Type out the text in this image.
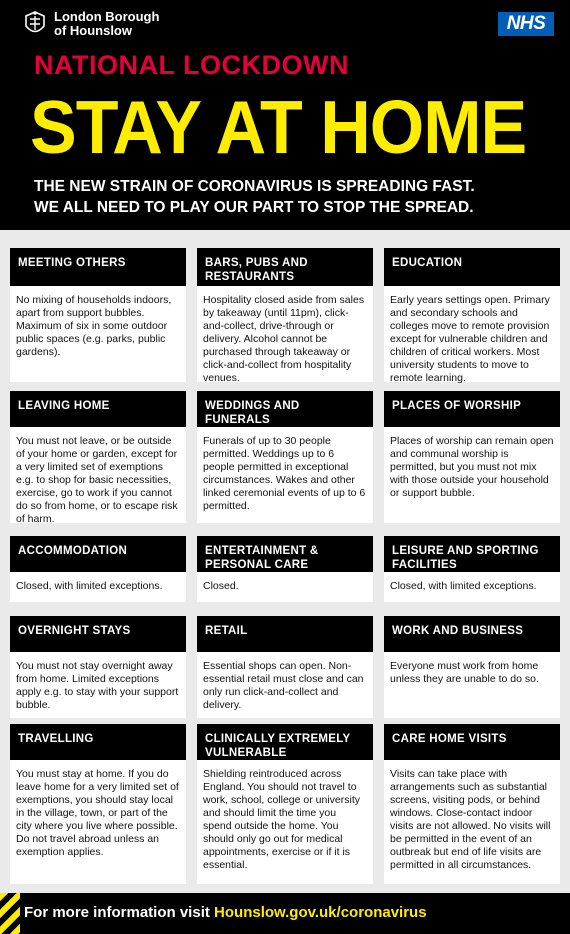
London Borough
of Hounslow	NHS
NATIONAL LOCKDOWN
STAY AT HOME
THE NEW STRAIN OF CORONAVIRUS IS SPREADING FAST.
WE ALL NEED TO PLAY OUR PART TO STOP THE SPREAD.
MEETING OTHERS
No mixing of households indoors, apart from support bubbles. Maximum of six in some outdoor public spaces (e.g. parks, public gardens).
BARS, PUBS AND RESTAURANTS
Hospitality closed aside from sales by takeaway (until 11pm), click-and-collect, drive-through or delivery. Alcohol cannot be purchased through takeaway or click-and-collect from hospitality venues.
EDUCATION
Early years settings open. Primary and secondary schools and colleges move to remote provision except for vulnerable children and children of critical workers. Most university students to move to remote learning.
LEAVING HOME
You must not leave, or be outside of your home or garden, except for a very limited set of exemptions e.g. to shop for basic necessities, exercise, go to work if you cannot do so from home, or to escape risk of harm.
WEDDINGS AND FUNERALS
Funerals of up to 30 people permitted. Weddings up to 6 people permitted in exceptional circumstances. Wakes and other linked ceremonial events of up to 6 permitted.
PLACES OF WORSHIP
Places of worship can remain open and communal worship is permitted, but you must not mix with those outside your household or support bubble.
ACCOMMODATION
Closed, with limited exceptions.
ENTERTAINMENT & PERSONAL CARE
Closed.
LEISURE AND SPORTING FACILITIES
Closed, with limited exceptions.
OVERNIGHT STAYS
You must not stay overnight away from home. Limited exceptions apply e.g. to stay with your support bubble.
RETAIL
Essential shops can open. Non-essential retail must close and can only run click-and-collect and delivery.
WORK AND BUSINESS
Everyone must work from home unless they are unable to do so.
TRAVELLING
You must stay at home. If you do leave home for a very limited set of exemptions, you should stay local in the village, town, or part of the city where you live where possible. Do not travel abroad unless an exemption applies.
CLINICALLY EXTREMELY VULNERABLE
Shielding reintroduced across England. You should not travel to work, school, college or university and should limit the time you spend outside the home. You should only go out for medical appointments, exercise or if it is essential.
CARE HOME VISITS
Visits can take place with arrangements such as substantial screens, visiting pods, or behind windows. Close-contact indoor visits are not allowed. No visits will be permitted in the event of an outbreak but end of life visits are permitted in all circumstances.
For more information visit Hounslow.gov.uk/coronavirus
